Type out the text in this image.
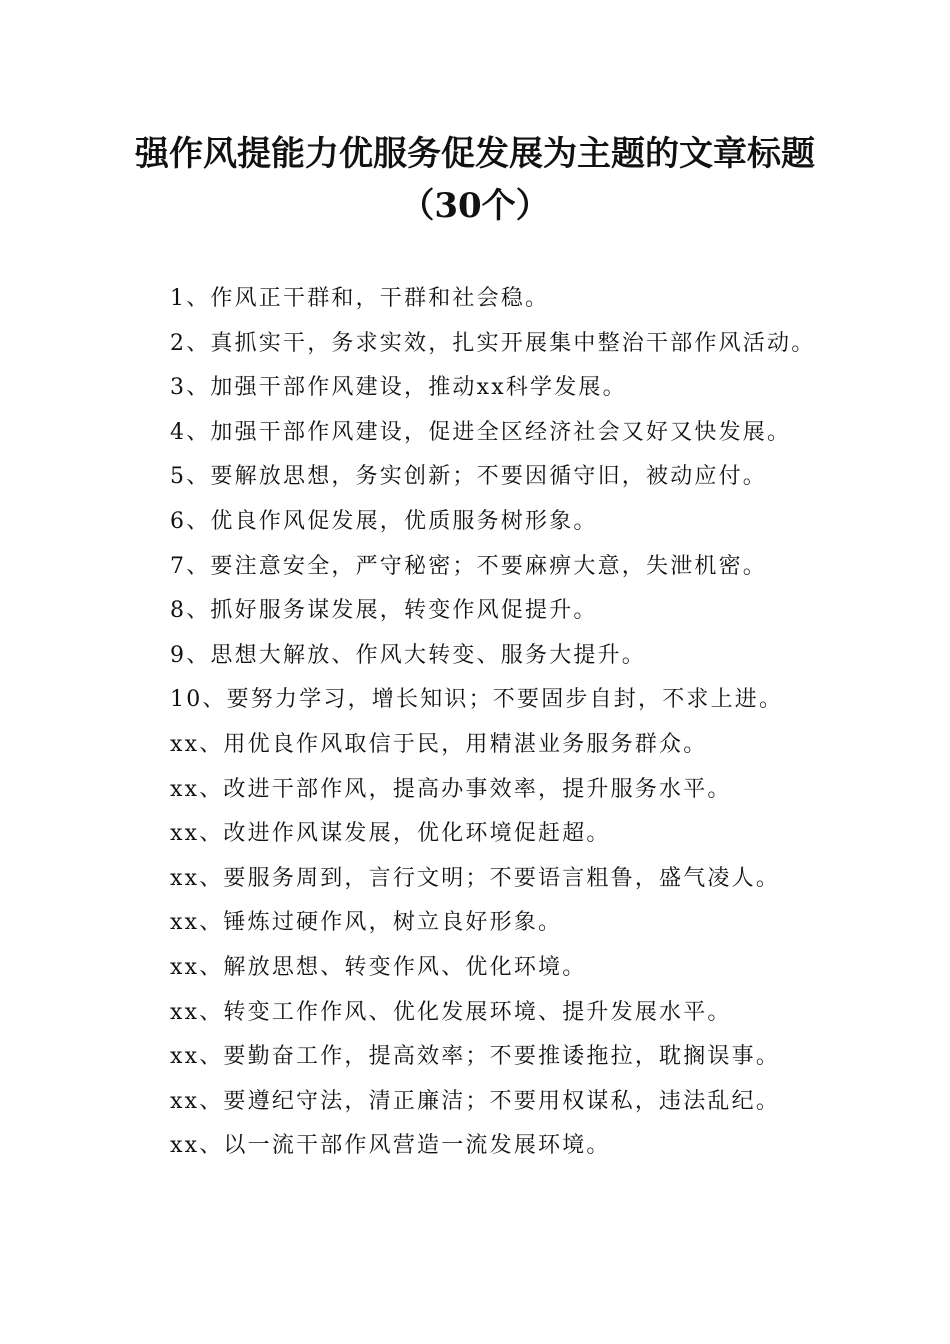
强作风提能力优服务促发展为主题的文章标题
（30个）
1、作风正干群和，干群和社会稳。
2、真抓实干，务求实效，扎实开展集中整治干部作风活动。
3、加强干部作风建设，推动xx科学发展。
4、加强干部作风建设，促进全区经济社会又好又快发展。
5、要解放思想，务实创新；不要因循守旧，被动应付。
6、优良作风促发展，优质服务树形象。
7、要注意安全，严守秘密；不要麻痹大意，失泄机密。
8、抓好服务谋发展，转变作风促提升。
9、思想大解放、作风大转变、服务大提升。
10、要努力学习，增长知识；不要固步自封，不求上进。
xx、用优良作风取信于民，用精湛业务服务群众。
xx、改进干部作风，提高办事效率，提升服务水平。
xx、改进作风谋发展，优化环境促赶超。
xx、要服务周到，言行文明；不要语言粗鲁，盛气凌人。
xx、锤炼过硬作风，树立良好形象。
xx、解放思想、转变作风、优化环境。
xx、转变工作作风、优化发展环境、提升发展水平。
xx、要勤奋工作，提高效率；不要推诿拖拉，耽搁误事。
xx、要遵纪守法，清正廉洁；不要用权谋私，违法乱纪。
xx、以一流干部作风营造一流发展环境。
